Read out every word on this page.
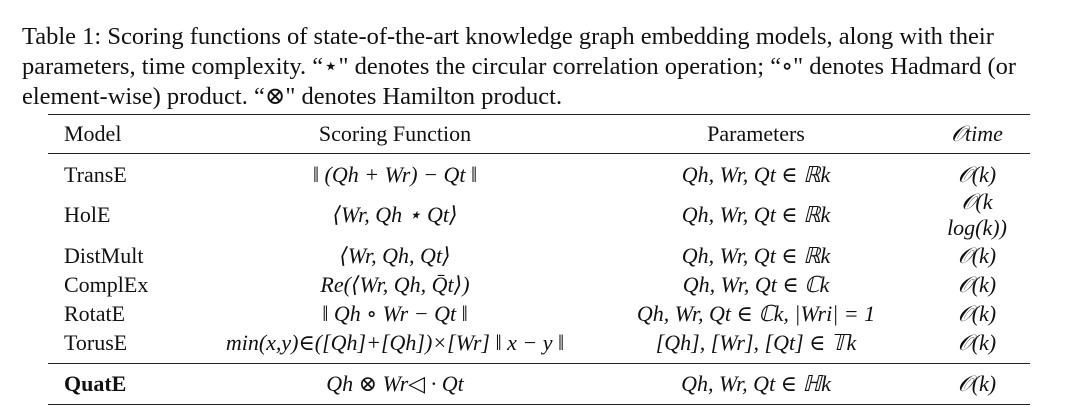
Table 1: Scoring functions of state-of-the-art knowledge graph embedding models, along with their

parameters, time complexity. “⋆" denotes the circular correlation operation; “∘" denotes Hadmard (or

element-wise) product. “⊗" denotes Hamilton product.

Model	Scoring Function	Parameters	𝒪time
TransE	‖ (Qh + Wr) − Qt ‖	Qh, Wr, Qt ∈ ℝk	𝒪(k)
HolE	⟨Wr, Qh ⋆ Qt⟩	Qh, Wr, Qt ∈ ℝk	𝒪(k log(k))
DistMult	⟨Wr, Qh, Qt⟩	Qh, Wr, Qt ∈ ℝk	𝒪(k)
ComplEx	Re(⟨Wr, Qh, Q̄t⟩)	Qh, Wr, Qt ∈ ℂk	𝒪(k)
RotatE	‖ Qh ∘ Wr − Qt ‖	Qh, Wr, Qt ∈ ℂk, |Wri| = 1	𝒪(k)
TorusE	min(x,y)∈([Qh]+[Qh])×[Wr] ‖ x − y ‖	[Qh], [Wr], [Qt] ∈ 𝕋k	𝒪(k)
QuatE	Qh ⊗ Wr◁ · Qt	Qh, Wr, Qt ∈ ℍk	𝒪(k)
